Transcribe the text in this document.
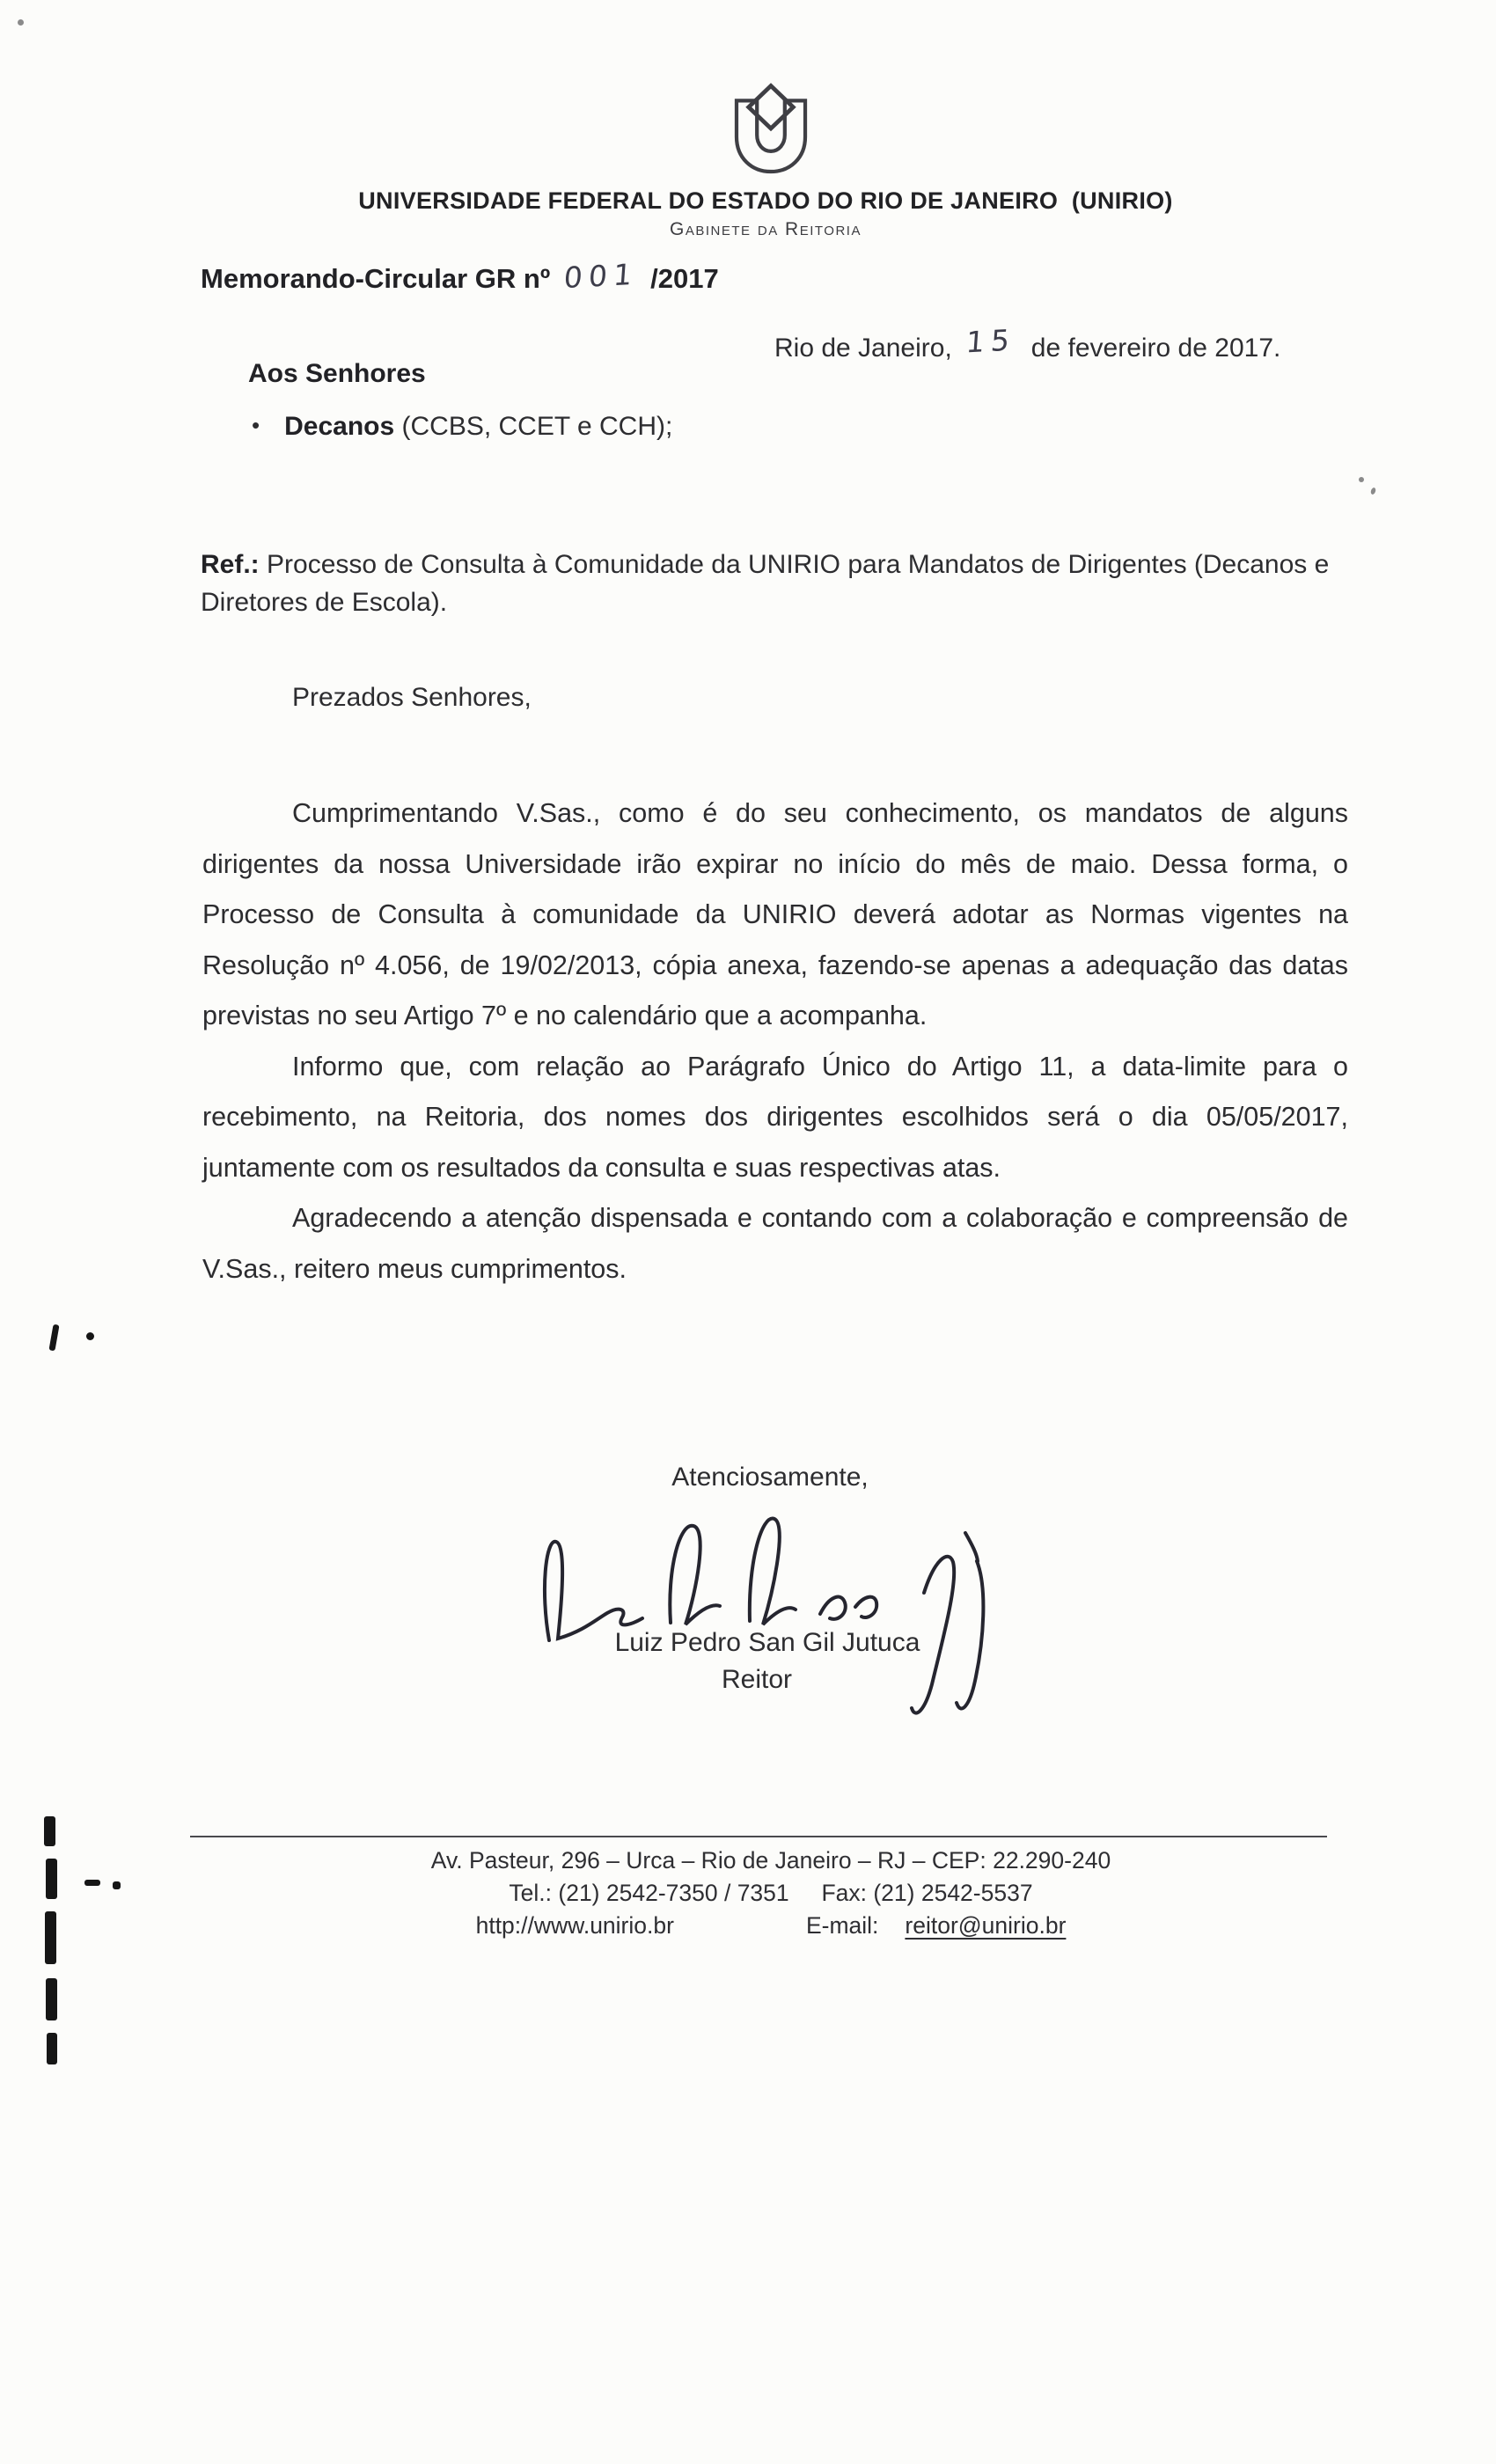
UNIVERSIDADE FEDERAL DO ESTADO DO RIO DE JANEIRO  (UNIRIO)
Gabinete da Reitoria
Memorando-Circular GR nº 001 /2017
Rio de Janeiro, 15 de fevereiro de 2017.
Aos Senhores
• Decanos (CCBS, CCET e CCH);
Ref.: Processo de Consulta à Comunidade da UNIRIO para Mandatos de Dirigentes (Decanos e Diretores de Escola).
Prezados Senhores,

Cumprimentando V.Sas., como é do seu conhecimento, os mandatos de alguns dirigentes da nossa Universidade irão expirar no início do mês de maio. Dessa forma, o Processo de Consulta à comunidade da UNIRIO deverá adotar as Normas vigentes na Resolução nº 4.056, de 19/02/2013, cópia anexa, fazendo-se apenas a adequação das datas previstas no seu Artigo 7º e no calendário que a acompanha.

Informo que, com relação ao Parágrafo Único do Artigo 11, a data-limite para o recebimento, na Reitoria, dos nomes dos dirigentes escolhidos será o dia 05/05/2017, juntamente com os resultados da consulta e suas respectivas atas.

Agradecendo a atenção dispensada e contando com a colaboração e compreensão de V.Sas., reitero meus cumprimentos.

Atenciosamente,
Luiz Pedro San Gil Jutuca
Reitor
Av. Pasteur, 296 – Urca – Rio de Janeiro – RJ – CEP: 22.290-240
Tel.: (21) 2542-7350 / 7351     Fax: (21) 2542-5537
http://www.unirio.br	E-mail: reitor@unirio.br
